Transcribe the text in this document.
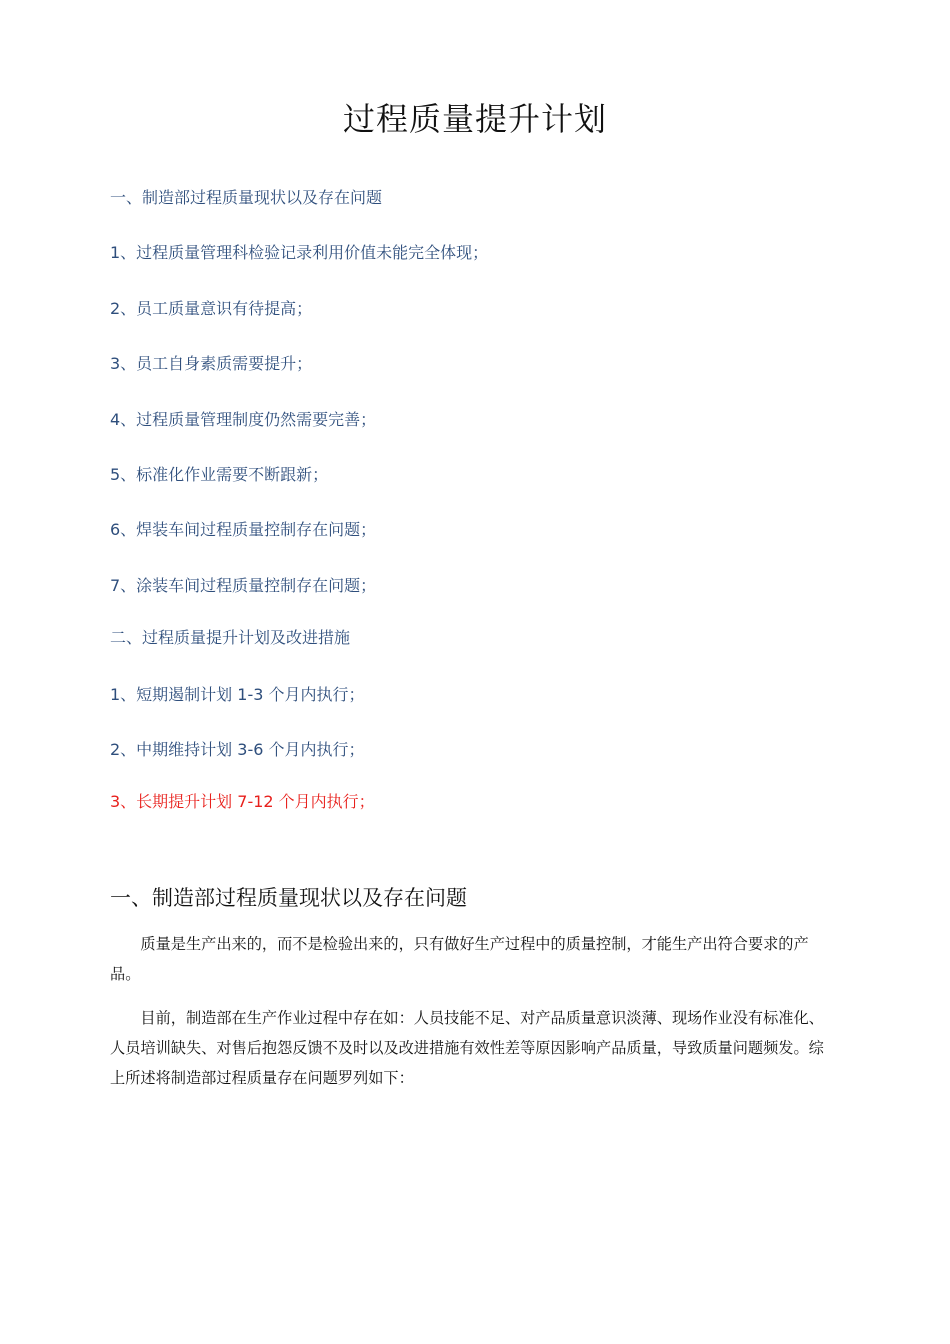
过程质量提升计划
一、制造部过程质量现状以及存在问题
1、过程质量管理科检验记录利用价值未能完全体现；
2、员工质量意识有待提高；
3、员工自身素质需要提升；
4、过程质量管理制度仍然需要完善；
5、标准化作业需要不断跟新；
6、焊装车间过程质量控制存在问题；
7、涂装车间过程质量控制存在问题；
二、过程质量提升计划及改进措施
1、短期遏制计划 1-3 个月内执行；
2、中期维持计划 3-6 个月内执行；
3、长期提升计划 7-12 个月内执行；
一、制造部过程质量现状以及存在问题

质量是生产出来的，而不是检验出来的，只有做好生产过程中的质量控制，才能生产出符合要求的产品。

目前，制造部在生产作业过程中存在如：人员技能不足、对产品质量意识淡薄、现场作业没有标准化、人员培训缺失、对售后抱怨反馈不及时以及改进措施有效性差等原因影响产品质量，导致质量问题频发。综上所述将制造部过程质量存在问题罗列如下：
